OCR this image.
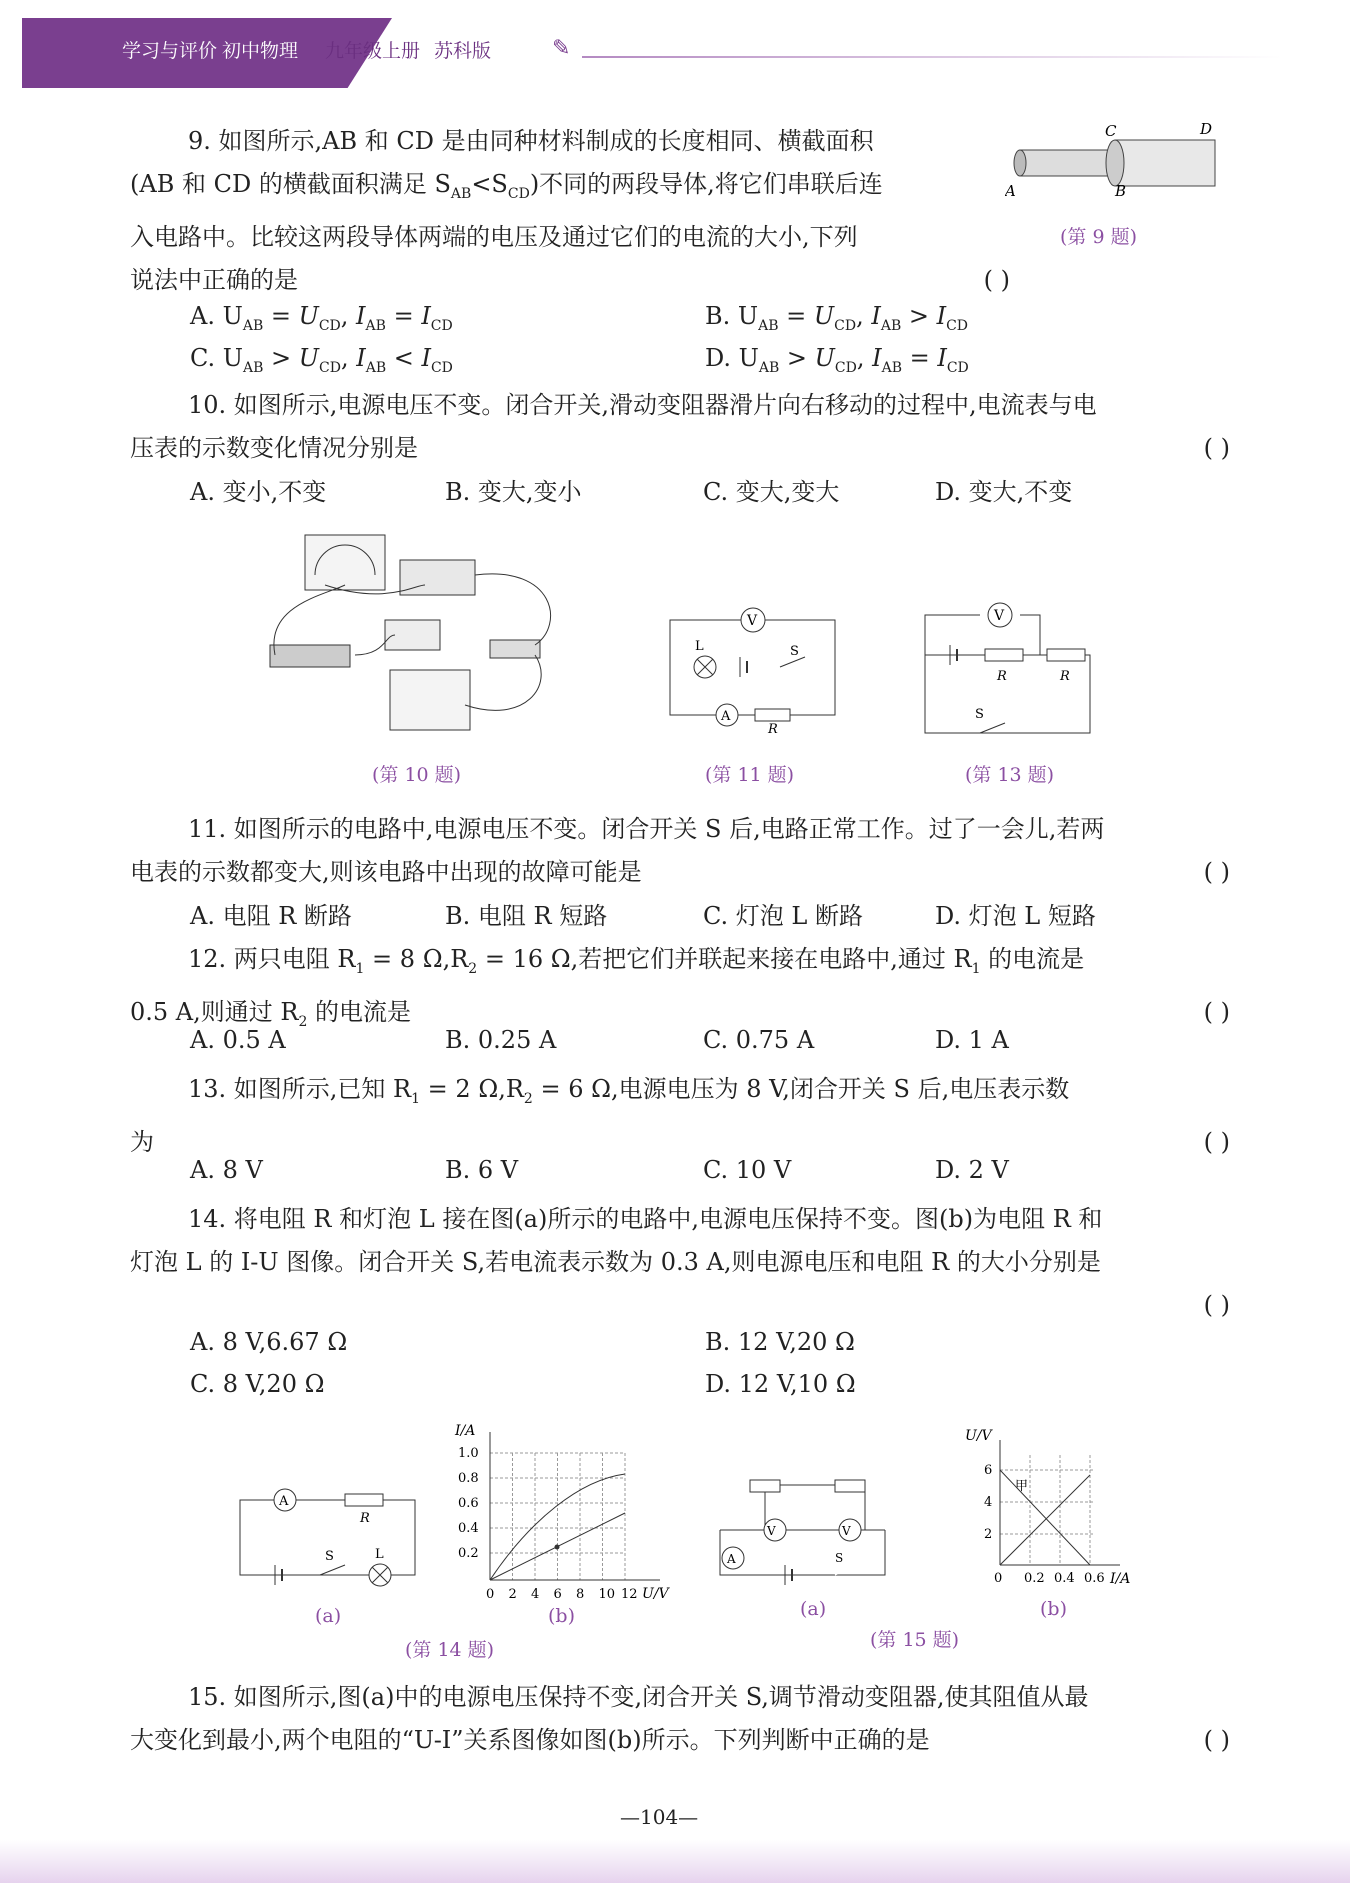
学习与评价 初中物理 九年级上册 苏科版	✎

9. 如图所示,AB 和 CD 是由同种材料制成的长度相同、横截面积

(AB 和 CD 的横截面积满足 $S_{AB}<S_{CD}$)不同的两段导体,将它们串联后连

入电路中。比较这两段导体两端的电压及通过它们的电流的大小,下列

说法中正确的是	( )

C	D
A	B
(第 9 题)
A. $U_{AB} = U_{CD}$, $I_{AB} = I_{CD}$	B. $U_{AB} = U_{CD}$, $I_{AB} > I_{CD}$
C. $U_{AB} > U_{CD}$, $I_{AB} < I_{CD}$	D. $U_{AB} > U_{CD}$, $I_{AB} = I_{CD}$

10. 如图所示,电源电压不变。闭合开关,滑动变阻器滑片向右移动的过程中,电流表与电

压表的示数变化情况分别是	( )

A. 变小,不变	B. 变大,变小	C. 变大,变大	D. 变大,不变
V
L	S
A
R
V
R	R
S
(第 10 题)	(第 11 题)	(第 13 题)

11. 如图所示的电路中,电源电压不变。闭合开关 S 后,电路正常工作。过了一会儿,若两

电表的示数都变大,则该电路中出现的故障可能是	( )

A. 电阻 R 断路	B. 电阻 R 短路	C. 灯泡 L 断路	D. 灯泡 L 短路

12. 两只电阻 $R_1 = 8$ $\Omega,R_2 = 16$ Ω,若把它们并联起来接在电路中,通过 $R_1$ 的电流是

0.5 A,则通过 $R_2$ 的电流是	( )

A. 0.5 A	B. 0.25 A	C. 0.75 A	D. 1 A

13. 如图所示,已知 $R_1 = 2$ $\Omega,R_2 = 6$ Ω,电源电压为 8 V,闭合开关 S 后,电压表示数

为	( )

A. 8 V	B. 6 V	C. 10 V	D. 2 V

14. 将电阻 R 和灯泡 L 接在图(a)所示的电路中,电源电压保持不变。图(b)为电阻 R 和

灯泡 L 的 I-U 图像。闭合开关 S,若电流表示数为 0.3 A,则电源电压和电阻 R 的大小分别是

( )

A. 8 V,6.67 Ω	B. 12 V,20 Ω
C. 8 V,20 Ω	D. 12 V,10 Ω
A
R
S	L
(a)
I/A
U/V
1.0
0.8
0.6
0.4
0.2
0 2 4 6 8 10 12
(b)
(第 14 题)
V	V
A	S
(a)
U/V
I/A
6
4
2
0 0.2 0.4 0.6
甲
(b)
(第 15 题)

15. 如图所示,图(a)中的电源电压保持不变,闭合开关 S,调节滑动变阻器,使其阻值从最

大变化到最小,两个电阻的“U-I”关系图像如图(b)所示。下列判断中正确的是	( )

—104—
